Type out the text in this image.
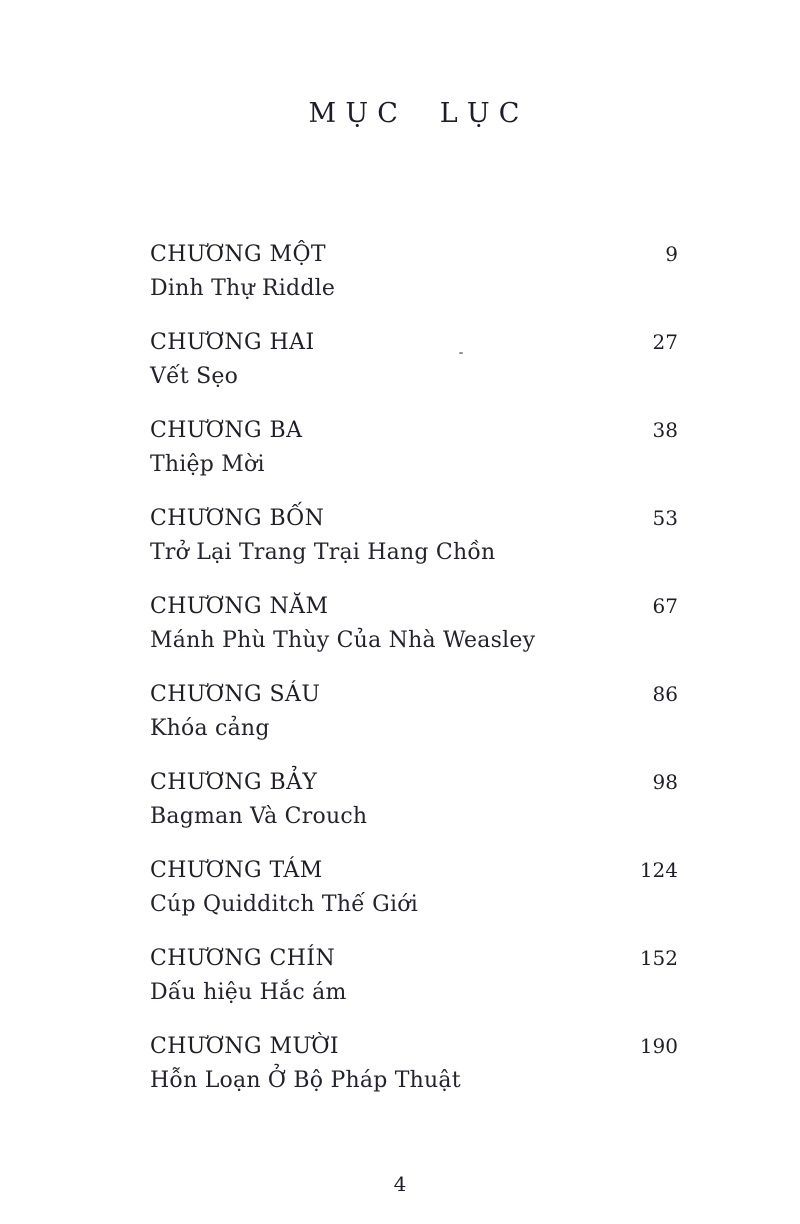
MỤC LỤC
CHƯƠNG MỘT	9
Dinh Thự Riddle
CHƯƠNG HAI	27
Vết Sẹo
CHƯƠNG BA	38
Thiệp Mời
CHƯƠNG BỐN	53
Trở Lại Trang Trại Hang Chồn
CHƯƠNG NĂM	67
Mánh Phù Thùy Của Nhà Weasley
CHƯƠNG SÁU	86
Khóa cảng
CHƯƠNG BẢY	98
Bagman Và Crouch
CHƯƠNG TÁM	124
Cúp Quidditch Thế Giới
CHƯƠNG CHÍN	152
Dấu hiệu Hắc ám
CHƯƠNG MƯỜI	190
Hỗn Loạn Ở Bộ Pháp Thuật
4
